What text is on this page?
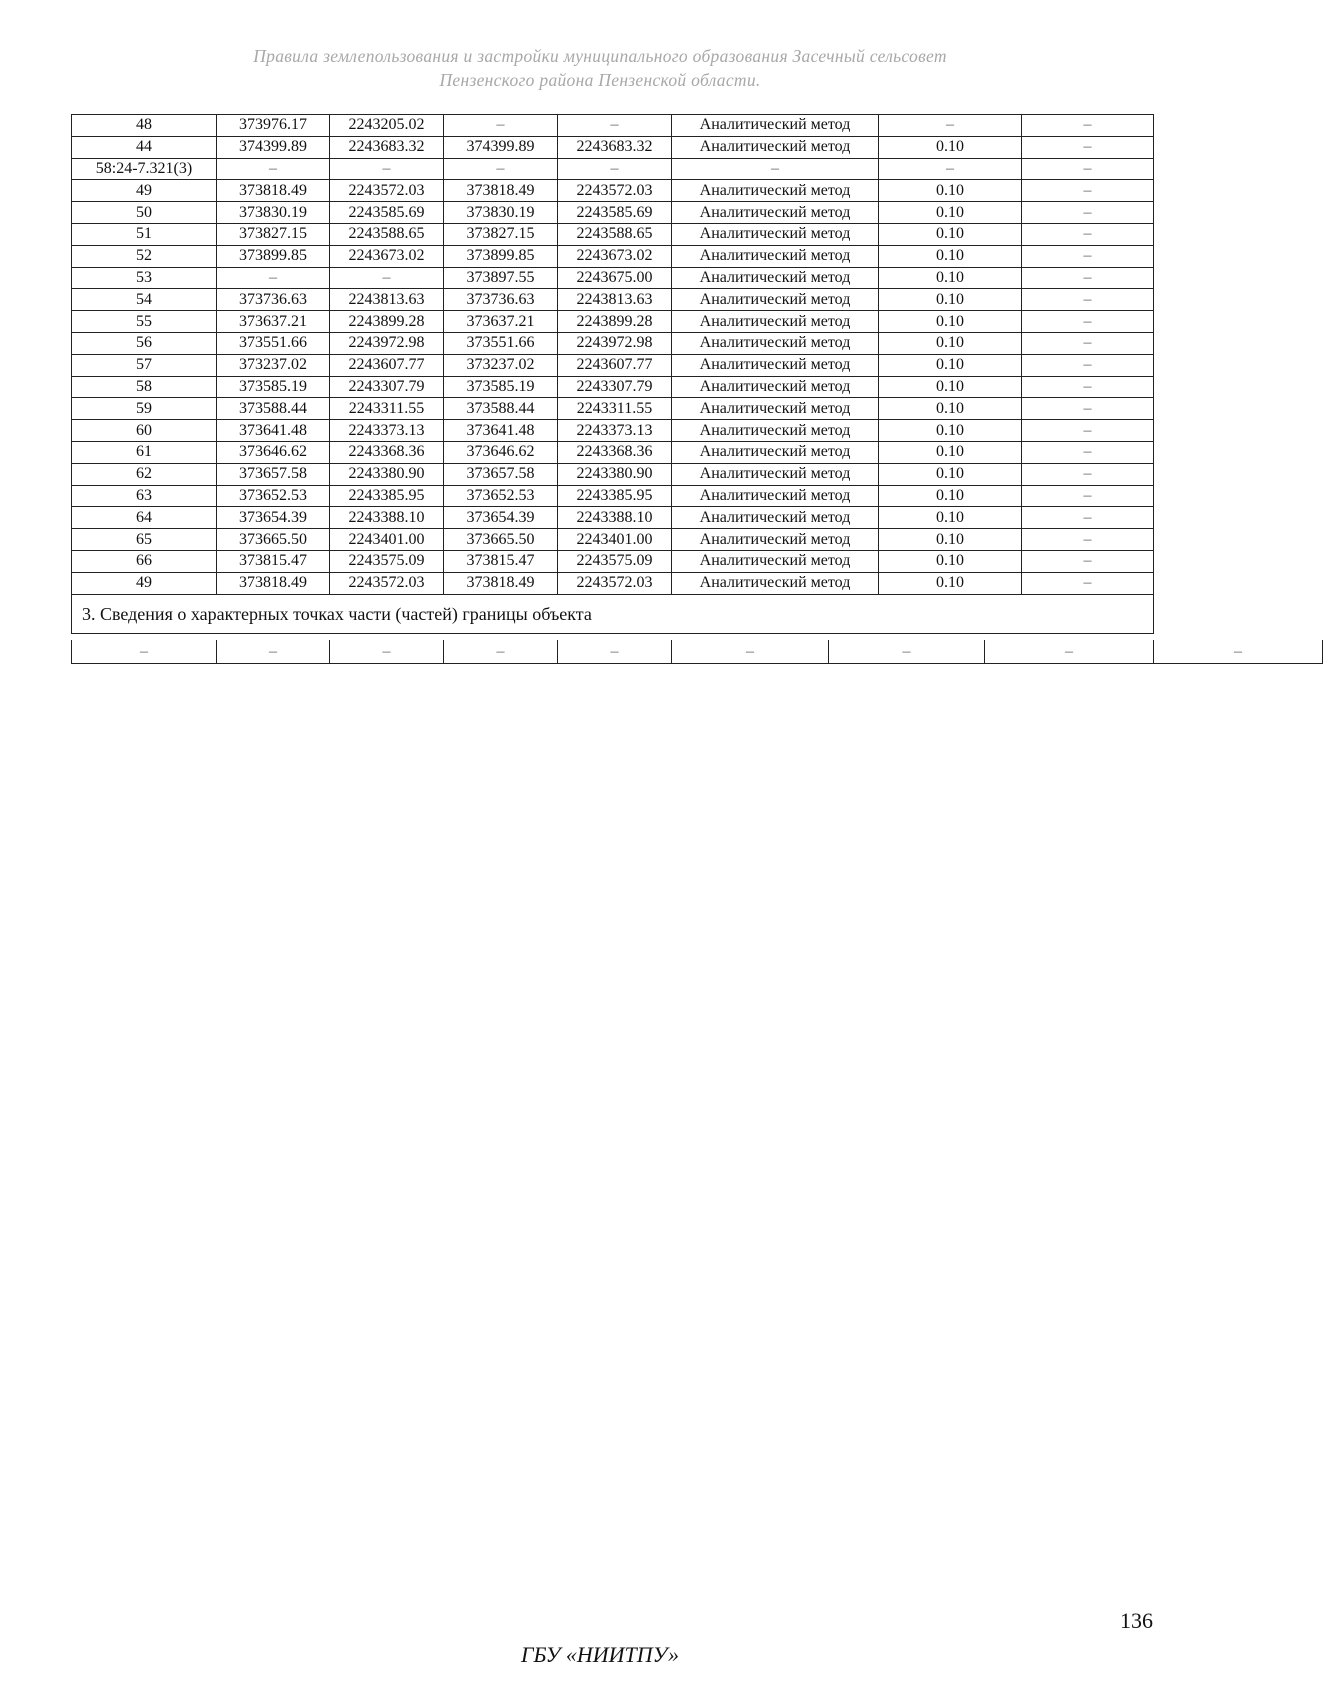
Правила землепользования и застройки муниципального образования Засечный сельсовет
Пензенского района Пензенской области.
48	373976.17	2243205.02	–	–	Аналитический метод	–	–
44	374399.89	2243683.32	374399.89	2243683.32	Аналитический метод	0.10	–
58:24-7.321(3)	–	–	–	–	–	–	–
49	373818.49	2243572.03	373818.49	2243572.03	Аналитический метод	0.10	–
50	373830.19	2243585.69	373830.19	2243585.69	Аналитический метод	0.10	–
51	373827.15	2243588.65	373827.15	2243588.65	Аналитический метод	0.10	–
52	373899.85	2243673.02	373899.85	2243673.02	Аналитический метод	0.10	–
53	–	–	373897.55	2243675.00	Аналитический метод	0.10	–
54	373736.63	2243813.63	373736.63	2243813.63	Аналитический метод	0.10	–
55	373637.21	2243899.28	373637.21	2243899.28	Аналитический метод	0.10	–
56	373551.66	2243972.98	373551.66	2243972.98	Аналитический метод	0.10	–
57	373237.02	2243607.77	373237.02	2243607.77	Аналитический метод	0.10	–
58	373585.19	2243307.79	373585.19	2243307.79	Аналитический метод	0.10	–
59	373588.44	2243311.55	373588.44	2243311.55	Аналитический метод	0.10	–
60	373641.48	2243373.13	373641.48	2243373.13	Аналитический метод	0.10	–
61	373646.62	2243368.36	373646.62	2243368.36	Аналитический метод	0.10	–
62	373657.58	2243380.90	373657.58	2243380.90	Аналитический метод	0.10	–
63	373652.53	2243385.95	373652.53	2243385.95	Аналитический метод	0.10	–
64	373654.39	2243388.10	373654.39	2243388.10	Аналитический метод	0.10	–
65	373665.50	2243401.00	373665.50	2243401.00	Аналитический метод	0.10	–
66	373815.47	2243575.09	373815.47	2243575.09	Аналитический метод	0.10	–
49	373818.49	2243572.03	373818.49	2243572.03	Аналитический метод	0.10	–
3. Сведения о характерных точках части (частей) границы объекта							
–	–	–	–	–	–	–	–	–
136
ГБУ «НИИТПУ»
